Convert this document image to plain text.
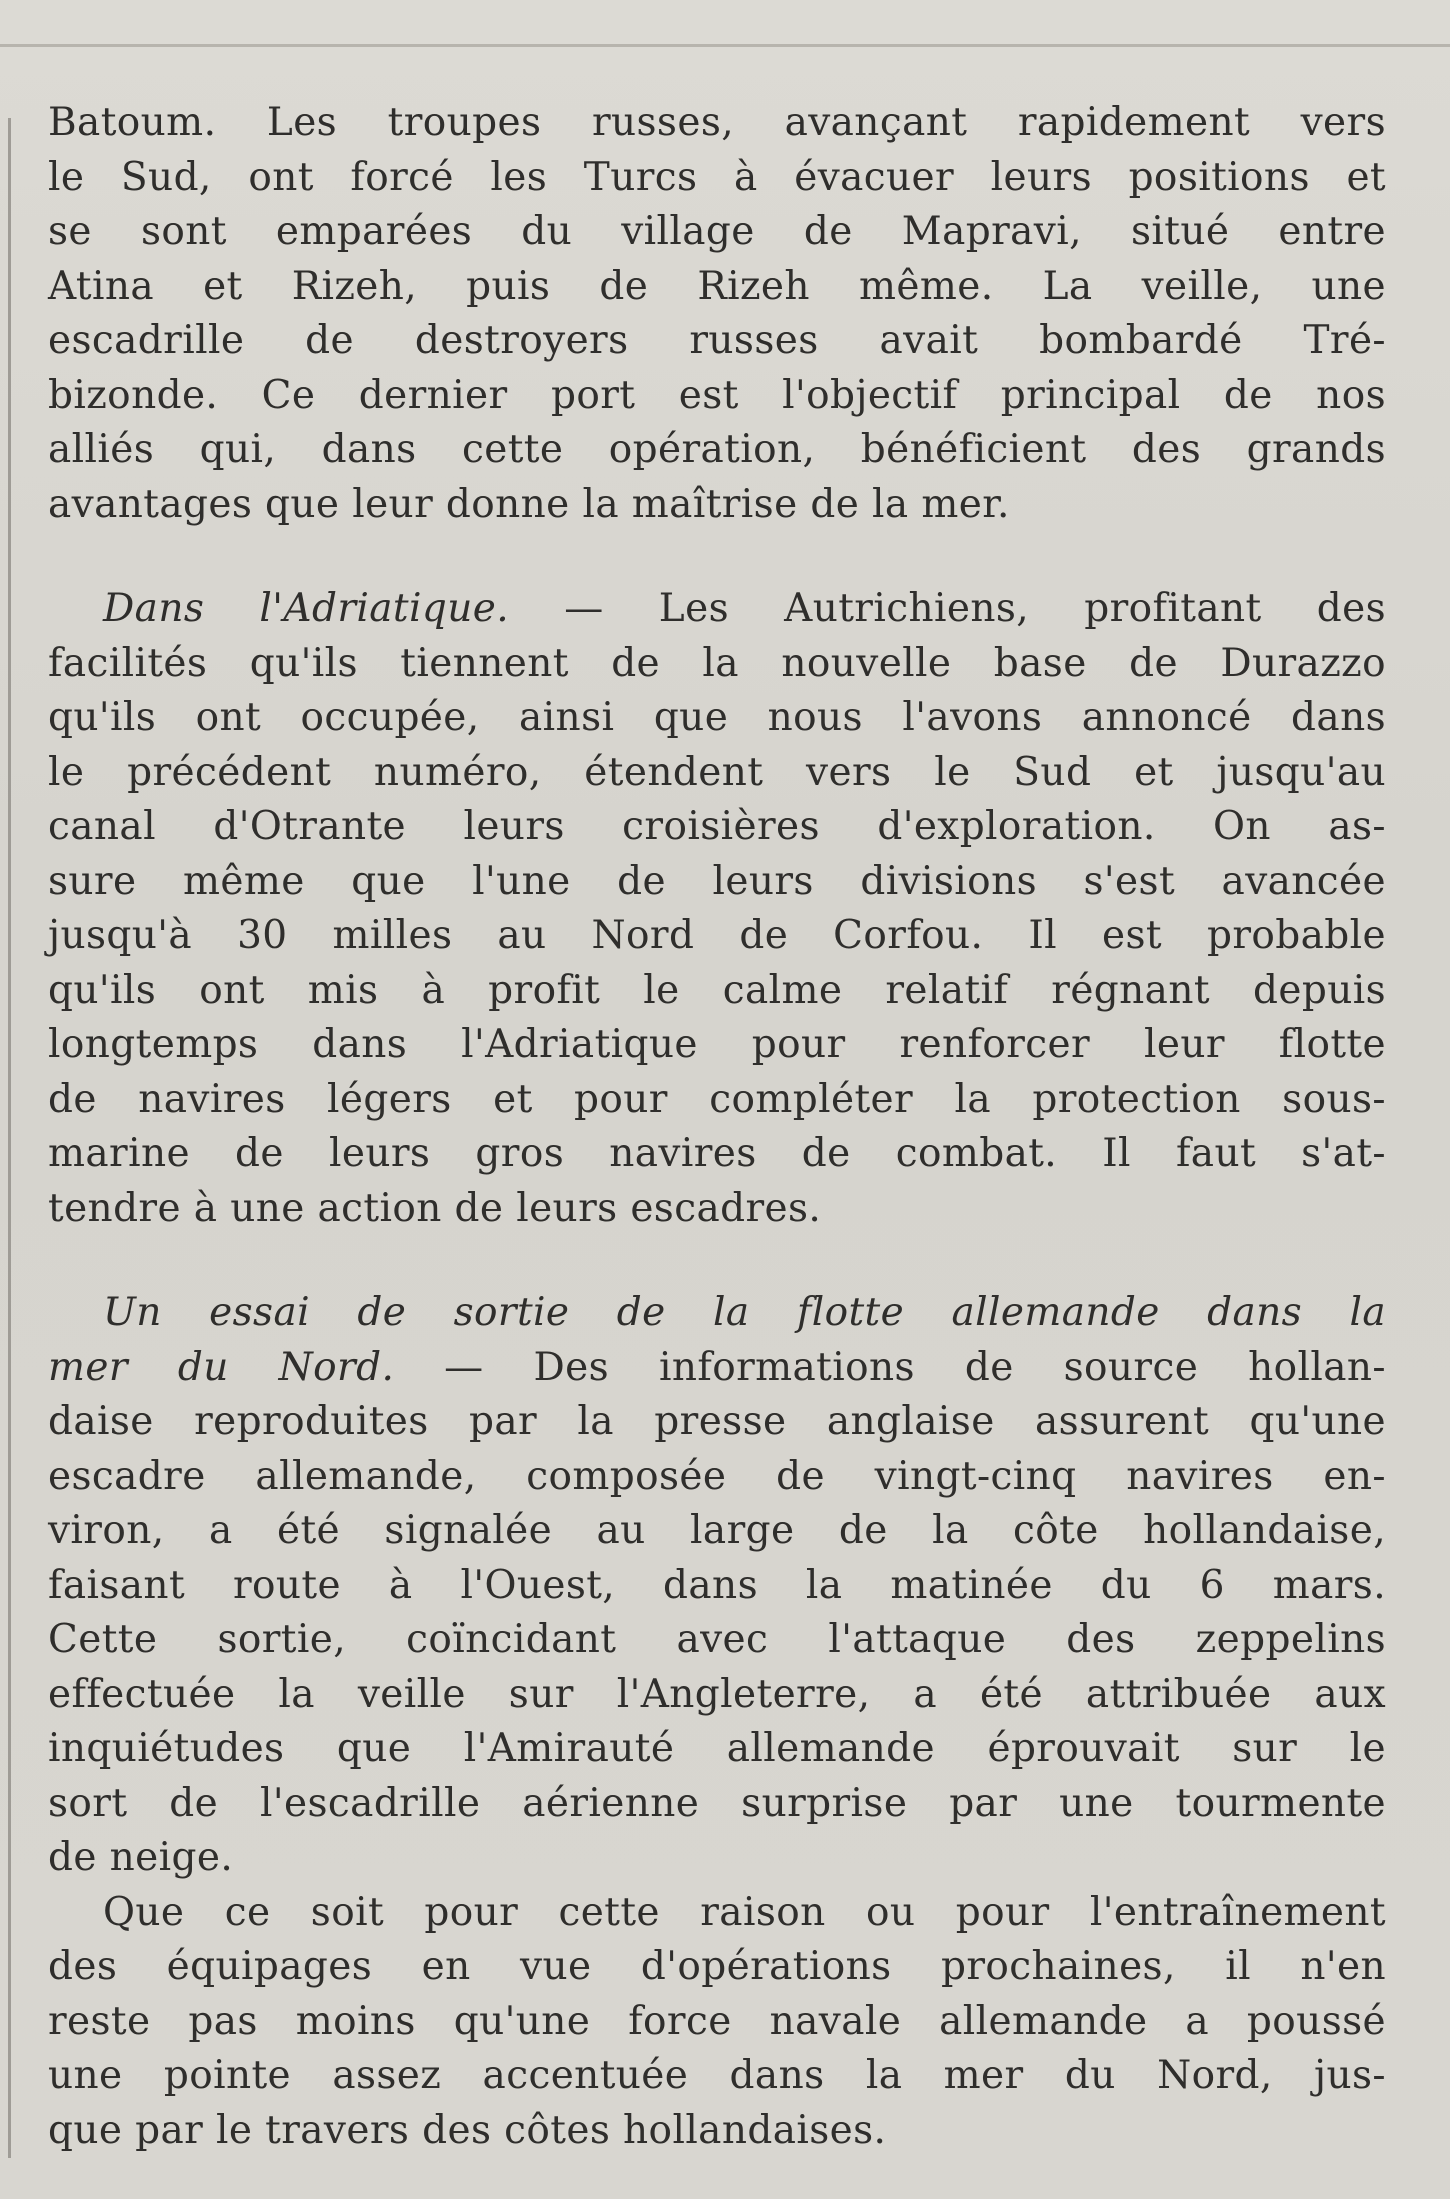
Batoum. Les troupes russes, avançant rapidement vers
le Sud, ont forcé les Turcs à évacuer leurs positions et
se sont emparées du village de Mapravi, situé entre
Atina et Rizeh, puis de Rizeh même. La veille, une
escadrille de destroyers russes avait bombardé Tré-
bizonde. Ce dernier port est l'objectif principal de nos
alliés qui, dans cette opération, bénéficient des grands
avantages que leur donne la maîtrise de la mer.
Dans l'Adriatique. — Les Autrichiens, profitant des
facilités qu'ils tiennent de la nouvelle base de Durazzo
qu'ils ont occupée, ainsi que nous l'avons annoncé dans
le précédent numéro, étendent vers le Sud et jusqu'au
canal d'Otrante leurs croisières d'exploration. On as-
sure même que l'une de leurs divisions s'est avancée
jusqu'à 30 milles au Nord de Corfou. Il est probable
qu'ils ont mis à profit le calme relatif régnant depuis
longtemps dans l'Adriatique pour renforcer leur flotte
de navires légers et pour compléter la protection sous-
marine de leurs gros navires de combat. Il faut s'at-
tendre à une action de leurs escadres.
Un essai de sortie de la flotte allemande dans la
mer du Nord. — Des informations de source hollan-
daise reproduites par la presse anglaise assurent qu'une
escadre allemande, composée de vingt-cinq navires en-
viron, a été signalée au large de la côte hollandaise,
faisant route à l'Ouest, dans la matinée du 6 mars.
Cette sortie, coïncidant avec l'attaque des zeppelins
effectuée la veille sur l'Angleterre, a été attribuée aux
inquiétudes que l'Amirauté allemande éprouvait sur le
sort de l'escadrille aérienne surprise par une tourmente
de neige.
Que ce soit pour cette raison ou pour l'entraînement
des équipages en vue d'opérations prochaines, il n'en
reste pas moins qu'une force navale allemande a poussé
une pointe assez accentuée dans la mer du Nord, jus-
que par le travers des côtes hollandaises.
